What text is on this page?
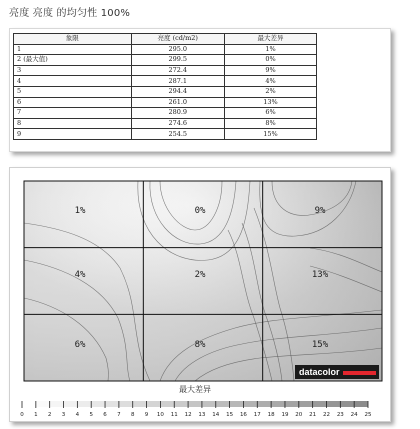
亮度 亮度 的均匀性 100%
象限	亮度 (cd/m2)	最大差异
1	295.0	1%
2 (最大值)	299.5	0%
3	272.4	9%
4	287.1	4%
5	294.4	2%
6	261.0	13%
7	280.9	6%
8	274.6	8%
9	254.5	15%
1%	0%	9%
4%	2%	13%
6%	8%	15%
最大差异
0 1 2 3 4 5 6 7 8 9 10 11 12 13 14 15 16 17 18 19 20 21 22 23 24 25
datacolor
